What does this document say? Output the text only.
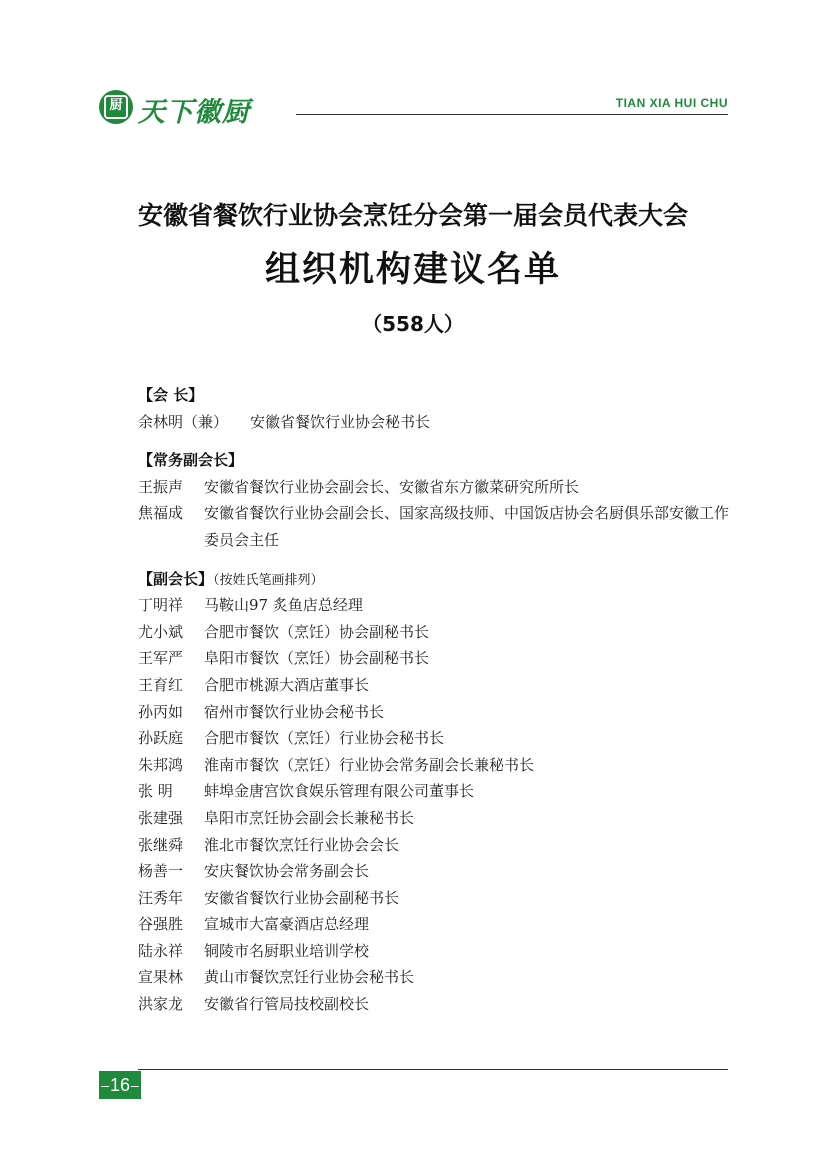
厨 天下徽厨	TIAN XIA HUI CHU
安徽省餐饮行业协会烹饪分会第一届会员代表大会
组织机构建议名单
（558人）
【会 长】
余林明（兼）	安徽省餐饮行业协会秘书长
【常务副会长】
王振声	安徽省餐饮行业协会副会长、安徽省东方徽菜研究所所长
焦福成	安徽省餐饮行业协会副会长、国家高级技师、中国饭店协会名厨俱乐部安徽工作委员会主任
【副会长】（按姓氏笔画排列）
丁明祥	马鞍山97 炙鱼店总经理
尤小斌	合肥市餐饮（烹饪）协会副秘书长
王军严	阜阳市餐饮（烹饪）协会副秘书长
王育红	合肥市桃源大酒店董事长
孙丙如	宿州市餐饮行业协会秘书长
孙跃庭	合肥市餐饮（烹饪）行业协会秘书长
朱邦鸿	淮南市餐饮（烹饪）行业协会常务副会长兼秘书长
张 明	蚌埠金唐宫饮食娱乐管理有限公司董事长
张建强	阜阳市烹饪协会副会长兼秘书长
张继舜	淮北市餐饮烹饪行业协会会长
杨善一	安庆餐饮协会常务副会长
汪秀年	安徽省餐饮行业协会副秘书长
谷强胜	宣城市大富豪酒店总经理
陆永祥	铜陵市名厨职业培训学校
宣果林	黄山市餐饮烹饪行业协会秘书长
洪家龙	安徽省行管局技校副校长
– 16 –
